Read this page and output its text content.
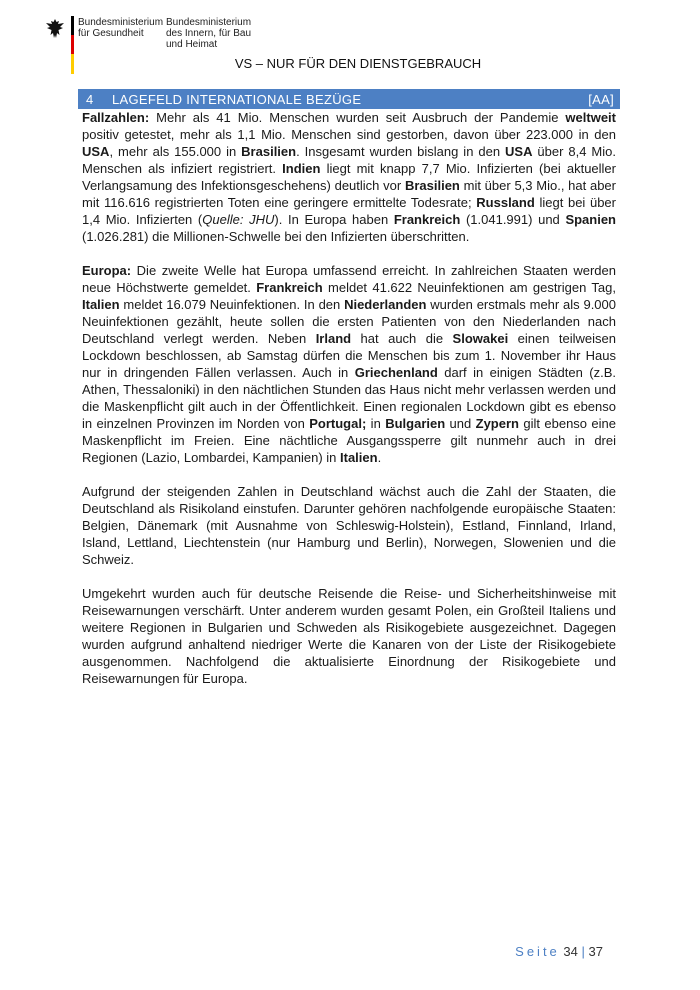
Bundesministerium
für Gesundheit
Bundesministerium
des Innern, für Bau
und Heimat
VS – NUR FÜR DEN DIENSTGEBRAUCH
4	LAGEFELD INTERNATIONALE BEZÜGE	[AA]

Fallzahlen: Mehr als 41 Mio. Menschen wurden seit Ausbruch der Pandemie weltweit positiv getestet, mehr als 1,1 Mio. Menschen sind gestorben, davon über 223.000 in den USA, mehr als 155.000 in Brasilien. Insgesamt wurden bislang in den USA über 8,4 Mio. Menschen als infiziert registriert. Indien liegt mit knapp 7,7 Mio. Infizierten (bei aktueller Verlangsamung des Infektionsgeschehens) deutlich vor Brasilien mit über 5,3 Mio., hat aber mit 116.616 registrierten Toten eine geringere ermittelte Todesrate; Russland liegt bei über 1,4 Mio. Infizierten (Quelle: JHU). In Europa haben Frankreich (1.041.991) und Spanien (1.026.281) die Millionen-Schwelle bei den Infizierten überschritten.

Europa: Die zweite Welle hat Europa umfassend erreicht. In zahlreichen Staaten werden neue Höchstwerte gemeldet. Frankreich meldet 41.622 Neuinfektionen am gestrigen Tag, Italien meldet 16.079 Neuinfektionen. In den Niederlanden wurden erstmals mehr als 9.000 Neuinfektionen gezählt, heute sollen die ersten Patienten von den Niederlanden nach Deutschland verlegt werden. Neben Irland hat auch die Slowakei einen teilweisen Lockdown beschlossen, ab Samstag dürfen die Menschen bis zum 1. November ihr Haus nur in dringenden Fällen verlassen. Auch in Griechenland darf in einigen Städten (z.B. Athen, Thessaloniki) in den nächtlichen Stunden das Haus nicht mehr verlassen werden und die Maskenpflicht gilt auch in der Öffentlichkeit. Einen regionalen Lockdown gibt es ebenso in einzelnen Provinzen im Norden von Portugal; in Bulgarien und Zypern gilt ebenso eine Maskenpflicht im Freien. Eine nächtliche Ausgangssperre gilt nunmehr auch in drei Regionen (Lazio, Lombardei, Kampanien) in Italien.

Aufgrund der steigenden Zahlen in Deutschland wächst auch die Zahl der Staaten, die Deutschland als Risikoland einstufen. Darunter gehören nachfolgende europäische Staaten: Belgien, Dänemark (mit Ausnahme von Schleswig-Holstein), Estland, Finnland, Irland, Island, Lettland, Liechtenstein (nur Hamburg und Berlin), Norwegen, Slowenien und die Schweiz.

Umgekehrt wurden auch für deutsche Reisende die Reise- und Sicherheitshinweise mit Reisewarnungen verschärft. Unter anderem wurden gesamt Polen, ein Großteil Italiens und weitere Regionen in Bulgarien und Schweden als Risikogebiete ausgezeichnet. Dagegen wurden aufgrund anhaltend niedriger Werte die Kanaren von der Liste der Risikogebiete ausgenommen. Nachfolgend die aktualisierte Einordnung der Risikogebiete und Reisewarnungen für Europa.

Seite 34 | 37
